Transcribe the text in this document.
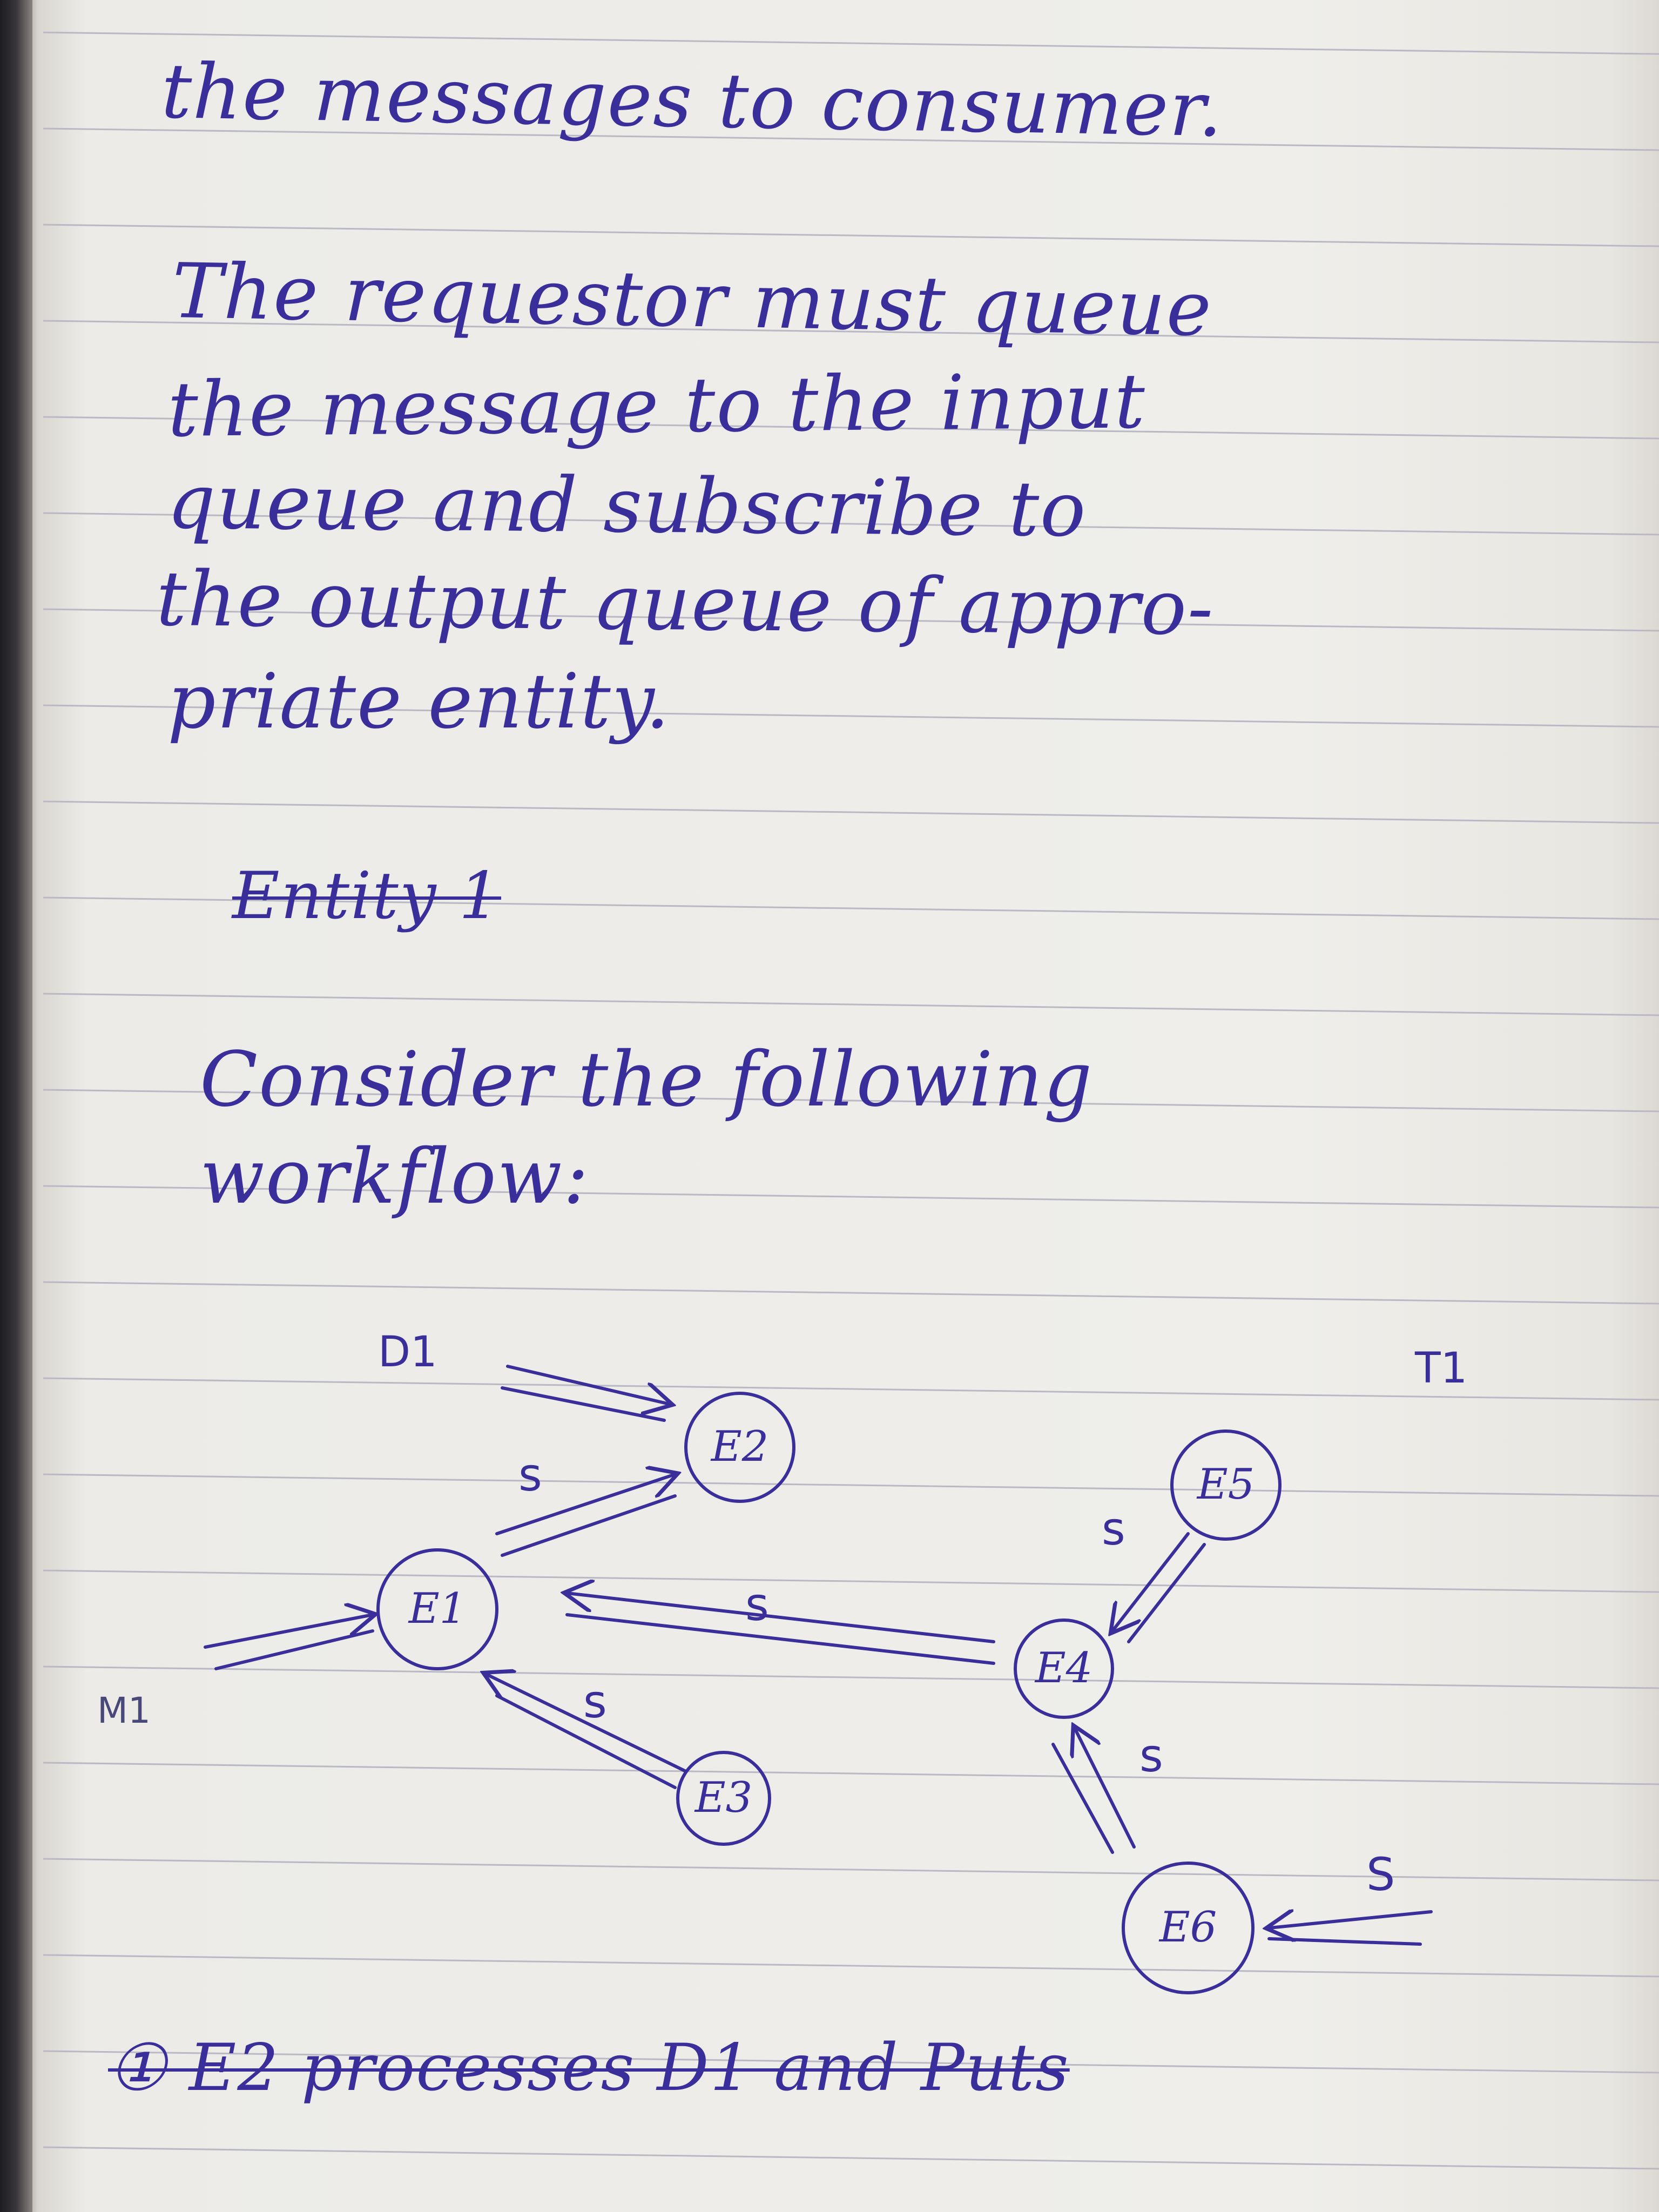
the messages to consumer.
The requestor must queue
the message to the input
queue and subscribe to
the output queue of appro-
priate entity.
Entity 1
Consider the following
workflow:
D1	T1
s
M1
s
s
s
s
S
E1
E2
E3
E4
E5
E6
① E2 processes D1 and Puts
